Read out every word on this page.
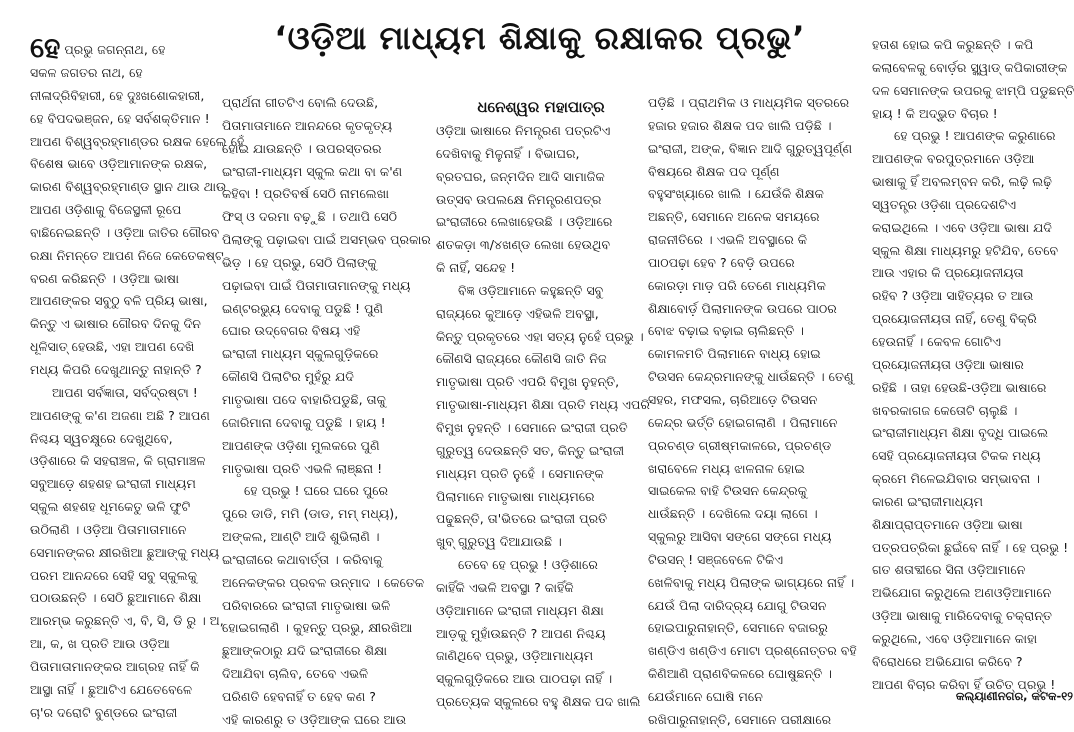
‘ଓଡ଼ିଆ ମାଧ୍ୟମ ଶିକ୍ଷାକୁ ରକ୍ଷାକର ପ୍ରଭୁ’
ଧନେଶ୍ୱର ମହାପାତ୍ର
ହେପ୍ରଭୁ ଜଗନ୍ନାଥ, ହେ
ସକଳ ଜଗତର ନାଥ, ହେ
ନୀଳାଦ୍ରିବିହାରୀ, ହେ ଦୁଃଖଶୋକହାରୀ,
ହେ ବିପଦଭଞ୍ଜନ, ହେ ସର୍ବଶକ୍ତିମାନ !
ଆପଣ ବିଶ୍ୱବ୍ରହ୍ମାଣ୍ଡର ରକ୍ଷକ ହେଲେ ହେଁ
ବିଶେଷ ଭାବେ ଓଡ଼ିଆମାନଙ୍କ ରକ୍ଷକ,
କାରଣ ବିଶ୍ୱବ୍ରହ୍ମାଣ୍ଡ ସ୍ଥାନ ଥାଉ ଥାଉ
ଆପଣ ଓଡ଼ିଶାକୁ ବିଜେସ୍ଥଳୀ ରୂପେ
ବାଛିନେଇଛନ୍ତି । ଓଡ଼ିଆ ଜାତିର ଗୌରବ
ରକ୍ଷା ନିମନ୍ତେ ଆପଣ ନିଜେ କେତେକଷ୍ଟ
ବରଣ କରିଛନ୍ତି । ଓଡ଼ିଆ ଭାଷା
ଆପଣଙ୍କର ସବୁଠୁ ବଳି ପ୍ରିୟ ଭାଷା,
କିନ୍ତୁ ଏ ଭାଷାର ଗୌରବ ଦିନକୁ ଦିନ
ଧୂଳିସାତ୍ ହେଉଛି, ଏହା ଆପଣ ଦେଖି
ମଧ୍ୟ କିପରି ଦେଖୁଥାନ୍ତୁ ନାହାନ୍ତି ?
ଆପଣ ସର୍ବଜ୍ଞାତା, ସର୍ବଦ୍ରଷ୍ଟା !
ଆପଣଙ୍କୁ କ'ଣ ଅଜଣା ଅଛି ? ଆପଣ
ନିଶ୍ଚୟ ସ୍ୱଚକ୍ଷୁରେ ଦେଖୁଥିବେ,
ଓଡ଼ିଶାରେ କି ସହରାଞ୍ଚଳ, କି ଗ୍ରାମାଞ୍ଚଳ
ସବୁଆଡ଼େ ଶହଶହ ଇଂରାଜୀ ମାଧ୍ୟମ
ସ୍କୁଲ ଶହଶହ ଧୂମକେତୁ ଭଳି ଫୁଟି
ଉଠିଲାଣି । ଓଡ଼ିଆ ପିତାମାତାମାନେ
ସେମାନଙ୍କର କ୍ଷୀରଖିଆ ଛୁଆଙ୍କୁ ମଧ୍ୟ
ପରମ ଆନନ୍ଦରେ ସେହି ସବୁ ସ୍କୁଲକୁ
ପଠାଉଛନ୍ତି । ସେଠି ଛୁଆମାନେ ଶିକ୍ଷା
ଆରମ୍ଭ କରୁଛନ୍ତି ଏ, ବି, ସି, ଡି ରୁ । ଅ,
ଆ, କ, ଖ ପ୍ରତି ଆଉ ଓଡ଼ିଆ
ପିତାମାତାମାନଙ୍କର ଆଗ୍ରହ ନାହିଁ କି
ଆସ୍ଥା ନାହିଁ । ଛୁଆଟିଏ ଯେତେବେଳେ
ଚା'ର ଦରୋଟି ବୁଣ୍ଡରେ ଇଂରାଜୀ
ପ୍ରାର୍ଥନା ଗୀତଟିଏ ବୋଲି ଦେଉଛି,
ପିତାମାତାମାନେ ଆନନ୍ଦରେ କୃତକୃତ୍ୟ
ହୋଇ ଯାଉଛନ୍ତି । ଉପରସ୍ତରର
ଇଂରାଜୀ-ମାଧ୍ୟମ ସ୍କୁଲ କଥା ବା କ'ଣ
କହିବା ! ପ୍ରତିବର୍ଷ ସେଠି ନାମଲେଖା
ଫିସ୍ ଓ ଦରମା ବଢ଼ୁଛି । ତଥାପି ସେଠି
ପିଲାଙ୍କୁ ପଢ଼ାଇବା ପାଇଁ ଅସମ୍ଭବ ପ୍ରକାର
ଭିଡ଼ । ହେ ପ୍ରଭୁ, ସେଠି ପିଲାଙ୍କୁ
ପଢ଼ାଇବା ପାଇଁ ପିତାମାତାମାନଙ୍କୁ ମଧ୍ୟ
ଇଣ୍ଟରଭ୍ୟୁ ଦେବାକୁ ପଡୁଛି ! ପୁଣି
ଘୋର ଉଦ୍‌ବେଗର ବିଷୟ ଏହି
ଇଂରାଜୀ ମାଧ୍ୟମ ସ୍କୁଲଗୁଡ଼ିକରେ
କୌଣସି ପିଲାଟିର ମୁହଁରୁ ଯଦି
ମାତୃଭାଷା ପଦେ ବାହାରିପଡୁଛି, ତାକୁ
ଜୋରିମାନା ଦେବାକୁ ପଡୁଛି । ହାୟ !
ଆପଣଙ୍କ ଓଡ଼ିଶା ମୁଲକରେ ପୁଣି
ମାତୃଭାଷା ପ୍ରତି ଏଭଳି ଲାଞ୍ଛନା !
ହେ ପ୍ରଭୁ ! ଘରେ ଘରେ ପୁରେ
ପୁରେ ଡାଡି, ମମି (ଡାଡ, ମମ୍ ମଧ୍ୟ),
ଅଙ୍କଲ, ଆଣ୍ଟି ଆଦି ଶୁଭିଲାଣି ।
ଇଂରାଜୀରେ କଥାବାର୍ତ୍ତା । କରିବାକୁ
ଅନେକଙ୍କର ପ୍ରବଳ ଉନ୍ମାଦ । କେତେକ
ପରିବାରରେ ଇଂରାଜୀ ମାତୃଭାଷା ଭଳି
ହୋଇଗଲାଣି । କୁହନ୍ତୁ ପ୍ରଭୁ, କ୍ଷୀରଖିଆ
ଛୁଆଙ୍କଠାରୁ ଯଦି ଇଂରାଜୀରେ ଶିକ୍ଷା
ଦିଆଯିବା ଚାଲିବ, ତେବେ ଏଭଳି
ପରିଣତି ହେବନାହିଁ ତ ହେବ କଣ ?
ଏହି କାରଣରୁ ତ ଓଡ଼ିଆଙ୍କ ଘରେ ଆଉ
ଓଡ଼ିଆ ଭାଷାରେ ନିମନ୍ତ୍ରଣ ପତ୍ରଟିଏ
ଦେଖିବାକୁ ମିଳୁନାହିଁ । ବିଭାଘର,
ବ୍ରତଘର, ଜନ୍ମଦିନ ଆଦି ସାମାଜିକ
ଉତ୍ସବ ଉପଲକ୍ଷେ ନିମନ୍ତ୍ରଣପତ୍ର
ଇଂରାଜୀରେ ଲେଖାହେଉଛି । ଓଡ଼ିଆରେ
ଶତକଡ଼ା ୩/୪ଖଣ୍ଡ ଲେଖା ହେଉଥିବ
କି ନାହିଁ, ସନ୍ଦେହ !
ବିଜ୍ଞ ଓଡ଼ିଆମାନେ କହୁଛନ୍ତି ସବୁ
ରାଜ୍ୟରେ କୁଆଡ଼େ ଏହିଭଳି ଅବସ୍ଥା,
କିନ୍ତୁ ପ୍ରକୃତରେ ଏହା ସତ୍ୟ ନୁହେଁ ପ୍ରଭୁ ।
କୌଣସି ରାଜ୍ୟରେ କୌଣସି ଜାତି ନିଜ
ମାତୃଭାଷା ପ୍ରତି ଏପରି ବିମୁଖ ନୁହନ୍ତି,
ମାତୃଭାଷା-ମାଧ୍ୟମ ଶିକ୍ଷା ପ୍ରତି ମଧ୍ୟ ଏପରି
ବିମୁଖ ନୁହନ୍ତି । ସେମାନେ ଇଂରାଜୀ ପ୍ରତି
ଗୁରୁତ୍ୱ ଦେଉଛନ୍ତି ସତ, କିନ୍ତୁ ଇଂରାଜୀ
ମାଧ୍ୟମ ପ୍ରତି ନୁହେଁ । ସେମାନଙ୍କ
ପିଲାମାନେ ମାତୃଭାଷା ମାଧ୍ୟମରେ
ପଢୁଛନ୍ତି, ତା'ଭିତରେ ଇଂରାଜୀ ପ୍ରତି
ଖୁବ୍ ଗୁରୁତ୍ୱ ଦିଆଯାଉଛି ।
ତେବେ ହେ ପ୍ରଭୁ ! ଓଡ଼ିଶାରେ
କାହିଁକି ଏଭଳି ଅବସ୍ଥା ? କାହିଁକି
ଓଡ଼ିଆମାନେ ଇଂରାଜୀ ମାଧ୍ୟମ ଶିକ୍ଷା
ଆଡ଼କୁ ମୁହାଁଉଛନ୍ତି ? ଆପଣ ନିଶ୍ଚୟ
ଜାଣିଥିବେ ପ୍ରଭୁ, ଓଡ଼ିଆମାଧ୍ୟମ
ସ୍କୁଲଗୁଡ଼ିକରେ ଆଉ ପାଠପଢ଼ା ନାହିଁ ।
ପ୍ରତ୍ୟେକ ସ୍କୁଲରେ ବହୁ ଶିକ୍ଷକ ପଦ ଖାଲି
ପଡ଼ିଛି । ପ୍ରାଥମିକ ଓ ମାଧ୍ୟମିକ ସ୍ତରରେ
ହଜାର ହଜାର ଶିକ୍ଷକ ପଦ ଖାଲି ପଡ଼ିଛି ।
ଇଂରାଜୀ, ଅଙ୍କ, ବିଜ୍ଞାନ ଆଦି ଗୁରୁତ୍ୱପୂର୍ଣ୍ଣ
ବିଷୟରେ ଶିକ୍ଷକ ପଦ ପୂର୍ଣ୍ଣ
ବହୁସଂଖ୍ୟାରେ ଖାଲି । ଯେଉଁକି ଶିକ୍ଷକ
ଅଛନ୍ତି, ସେମାନେ ଅନେକ ସମୟରେ
ରାଜନୀତିରେ । ଏଭଳି ଅବସ୍ଥାରେ କି
ପାଠପଢ଼ା ହେବ ? ବେଡ଼ି ଉପରେ
କୋରଡ଼ା ମାଡ଼ ପରି ତେଣେ ମାଧ୍ୟମିକ
ଶିକ୍ଷାବୋର୍ଡ଼ ପିଲାମାନଙ୍କ ଉପରେ ପାଠର
ବୋଝ ବଢ଼ାଇ ବଢ଼ାଇ ଚାଲିଛନ୍ତି ।
କୋମଳମତି ପିଲାମାନେ ବାଧ୍ୟ ହୋଇ
ଟିଉସନ କେନ୍ଦ୍ରମାନଙ୍କୁ ଧାଉଁଛନ୍ତି । ତେଣୁ
ସହର, ମଫସଲ, ଚାରିଆଡ଼େ ଟିଉସନ
କେନ୍ଦ୍ର ଭର୍ତ୍ତି ହୋଇଗଲାଣି । ପିଲାମାନେ
ପ୍ରଚଣ୍ଡ ଗ୍ରୀଷ୍ମକାଳରେ, ପ୍ରଚଣ୍ଡ
ଖରାବେଳେ ମଧ୍ୟ ଝାଳନାଳ ହୋଇ
ସାଇକେଲ ବାହି ଟିଉସନ କେନ୍ଦ୍ରକୁ
ଧାଉଁଛନ୍ତି । ଦେଖିଲେ ଦୟା ଲାଗେ ।
ସ୍କୁଲରୁ ଆସିବା ସଙ୍ଗେ ସଙ୍ଗେ ମଧ୍ୟ
ଟିଉସନ୍ ! ସଞ୍ଜବେଳେ ଟିକିଏ
ଖେଳିବାକୁ ମଧ୍ୟ ପିଲାଙ୍କ ଭାଗ୍ୟରେ ନାହିଁ ।
ଯେଉଁ ପିଲା ଦାରିଦ୍ର୍ୟ ଯୋଗୁ ଟିଉସନ
ହୋଇପାରୁନାହାନ୍ତି, ସେମାନେ ବଜାରରୁ
ଖଣ୍ଡିଏ ଖଣ୍ଡିଏ ମୋଟା ପ୍ରଶ୍ନୋତ୍ତର ବହି
କିଣିଆଣି ପ୍ରାଣବିକଳରେ ଘୋଷୁଛନ୍ତି ।
ଯେଉଁମାନେ ଘୋଷି ମନେ
ରଖିପାରୁନାହାନ୍ତି, ସେମାନେ ପରୀକ୍ଷାରେ
ହତାଶ ହୋଇ କପି କରୁଛନ୍ତି । କପି
କଲାବେଳକୁ ବୋର୍ଡ଼ର ସ୍କ୍ୱାଡ୍ କପିକାରୀଙ୍କ
ଦଳ ସେମାନଙ୍କ ଉପରକୁ ଝାମ୍ପି ପଡୁଛନ୍ତି
ହାୟ ! କି ଅଦ୍ଭୁତ ବିଚାର !
ହେ ପ୍ରଭୁ ! ଆପଣଙ୍କ କରୁଣାରେ
ଆପଣଙ୍କ ବରପୁତ୍ରମାନେ ଓଡ଼ିଆ
ଭାଷାକୁ ହିଁ ଅବଲମ୍ବନ କରି, ଲଢ଼ି ଲଢ଼ି
ସ୍ୱତନ୍ତ୍ର ଓଡ଼ିଶା ପ୍ରଦେଶଟିଏ
କରାଇଥିଲେ । ଏବେ ଓଡ଼ିଆ ଭାଷା ଯଦି
ସ୍କୁଲ ଶିକ୍ଷା ମାଧ୍ୟମରୁ ହଟିଯିବ, ତେବେ
ଆଉ ଏହାର କି ପ୍ରୟୋଜନୀୟତା
ରହିବ ? ଓଡ଼ିଆ ସାହିତ୍ୟର ତ ଆଉ
ପ୍ରୟୋଜନୀୟତା ନାହିଁ, ତେଣୁ ବିକ୍ରି
ହେଉନାହିଁ । କେବଳ ଗୋଟିଏ
ପ୍ରୟୋଜନୀୟତା ଓଡ଼ିଆ ଭାଷାର
ରହିଛି । ତାହା ହେଉଛି-ଓଡ଼ିଆ ଭାଷାରେ
ଖବରକାଗଜ କେତୋଟି ଚାଲୁଛି ।
ଇଂରାଜୀମାଧ୍ୟମ ଶିକ୍ଷା ବୃଦ୍ଧି ପାଇଲେ
ସେହି ପ୍ରୟୋଜନୀୟତା ଟିକକ ମଧ୍ୟ
କ୍ରମେ ମିଳେଇଯିବାର ସମ୍ଭାବନା ।
କାରଣ ଇଂରାଜୀମାଧ୍ୟମ
ଶିକ୍ଷାପ୍ରାପ୍ତମାନେ ଓଡ଼ିଆ ଭାଷା
ପତ୍ରପତ୍ରିକା ଛୁଇଁବେ ନାହିଁ । ହେ ପ୍ରଭୁ !
ଗତ ଶତାବ୍ଦୀରେ ସିନା ଓଡ଼ିଆମାନେ
ଅଭିଯୋଗ କରୁଥିଲେ ଅଣଓଡ଼ିଆମାନେ
ଓଡ଼ିଆ ଭାଷାକୁ ମାରିଦେବାକୁ ଚକ୍ରାନ୍ତ
କରୁଥିଲେ, ଏବେ ଓଡ଼ିଆମାନେ କାହା
ବିରୋଧରେ ଅଭିଯୋଗ କରିବେ ?
ଆପଣ ବିଚାର କରିବା ହିଁ ଉଚିତ୍ ପ୍ରଭୁ !
କଲ୍ୟାଣୀନଗର, କଟକ-୧୨
